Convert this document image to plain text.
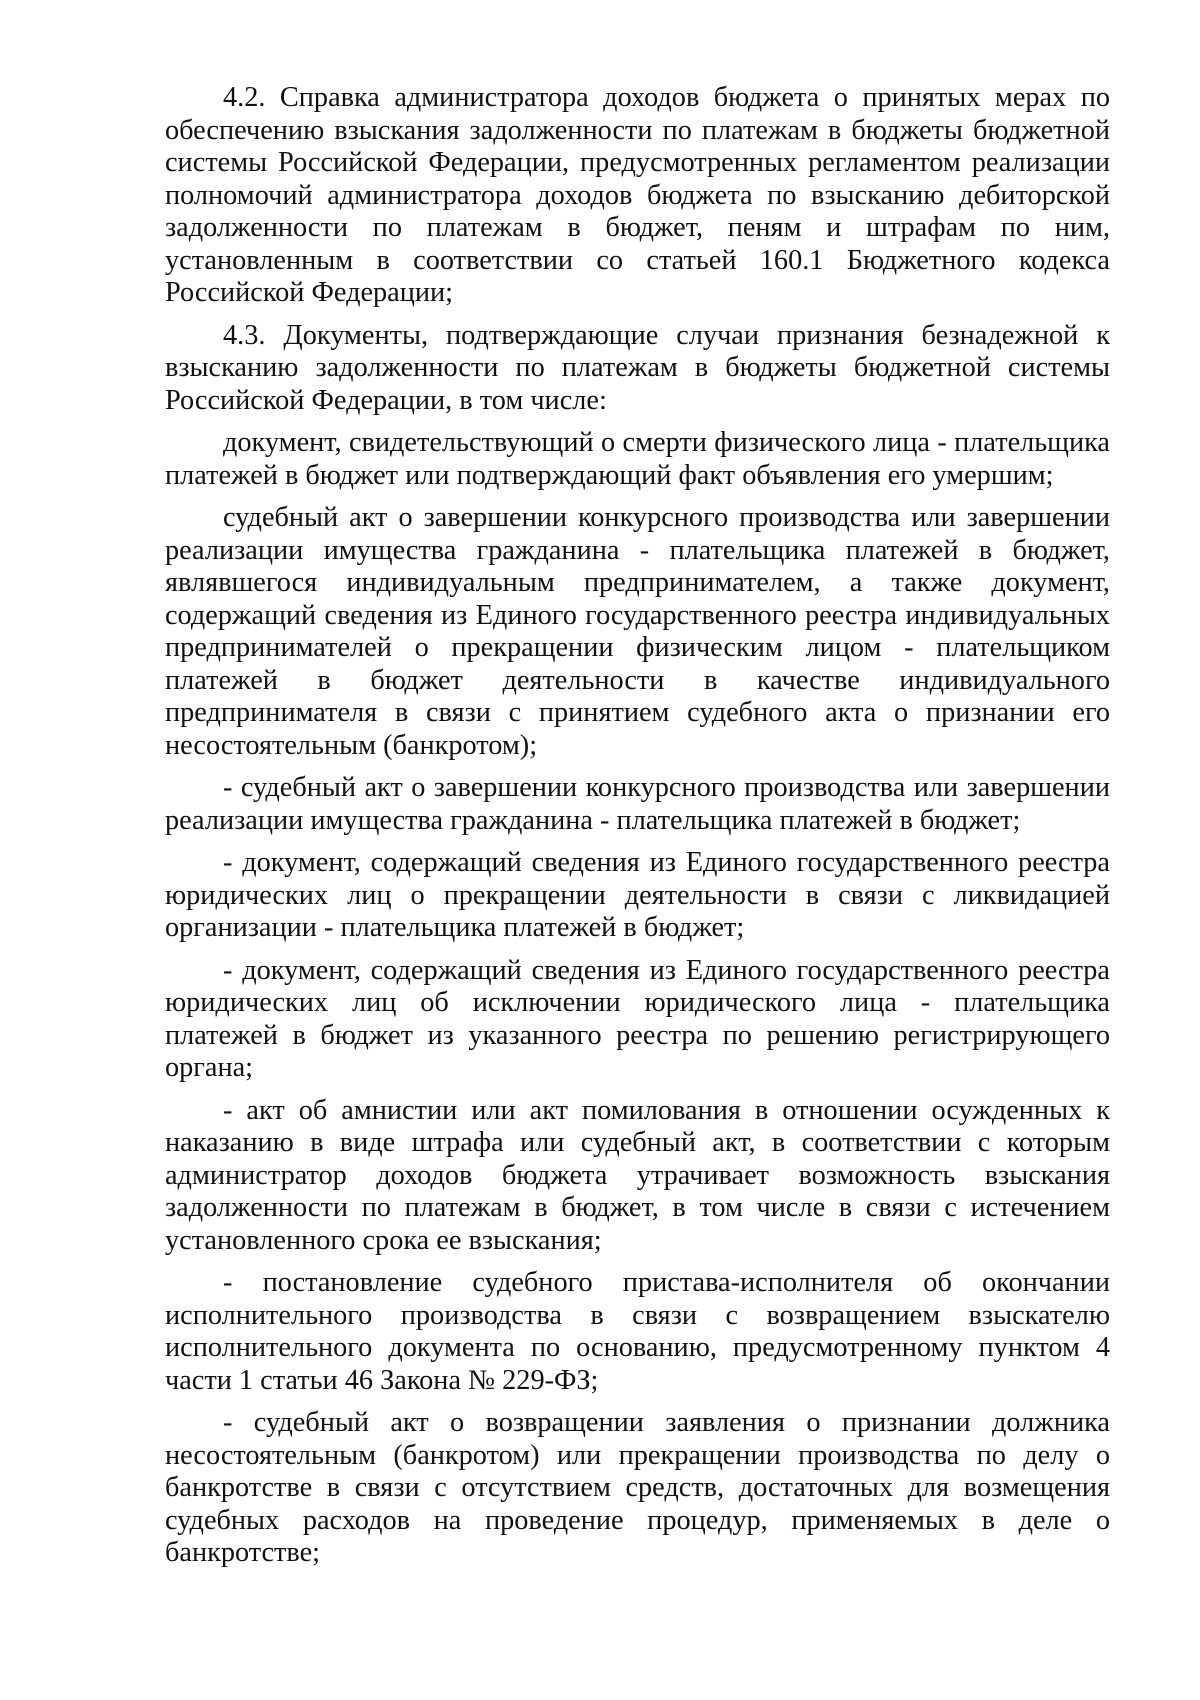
4.2. Справка администратора доходов бюджета о принятых мерах по обеспечению взыскания задолженности по платежам в бюджеты бюджетной системы Российской Федерации, предусмотренных регламентом реализации полномочий администратора доходов бюджета по взысканию дебиторской задолженности по платежам в бюджет, пеням и штрафам по ним, установленным в соответствии со статьей 160.1 Бюджетного кодекса Российской Федерации;

4.3. Документы, подтверждающие случаи признания безнадежной к взысканию задолженности по платежам в бюджеты бюджетной системы Российской Федерации, в том числе:

документ, свидетельствующий о смерти физического лица - плательщика платежей в бюджет или подтверждающий факт объявления его умершим;

судебный акт о завершении конкурсного производства или завершении реализации имущества гражданина - плательщика платежей в бюджет, являвшегося индивидуальным предпринимателем, а также документ, содержащий сведения из Единого государственного реестра индивидуальных предпринимателей о прекращении физическим лицом - плательщиком платежей в бюджет деятельности в качестве индивидуального предпринимателя в связи с принятием судебного акта о признании его несостоятельным (банкротом);

- судебный акт о завершении конкурсного производства или завершении реализации имущества гражданина - плательщика платежей в бюджет;

- документ, содержащий сведения из Единого государственного реестра юридических лиц о прекращении деятельности в связи с ликвидацией организации - плательщика платежей в бюджет;

- документ, содержащий сведения из Единого государственного реестра юридических лиц об исключении юридического лица - плательщика платежей в бюджет из указанного реестра по решению регистрирующего органа;

- акт об амнистии или акт помилования в отношении осужденных к наказанию в виде штрафа или судебный акт, в соответствии с которым администратор доходов бюджета утрачивает возможность взыскания задолженности по платежам в бюджет, в том числе в связи с истечением установленного срока ее взыскания;

- постановление судебного пристава-исполнителя об окончании исполнительного производства в связи с возвращением взыскателю исполнительного документа по основанию, предусмотренному пунктом 4 части 1 статьи 46 Закона № 229-ФЗ;

- судебный акт о возвращении заявления о признании должника несостоятельным (банкротом) или прекращении производства по делу о банкротстве в связи с отсутствием средств, достаточных для возмещения судебных расходов на проведение процедур, применяемых в деле о банкротстве;
